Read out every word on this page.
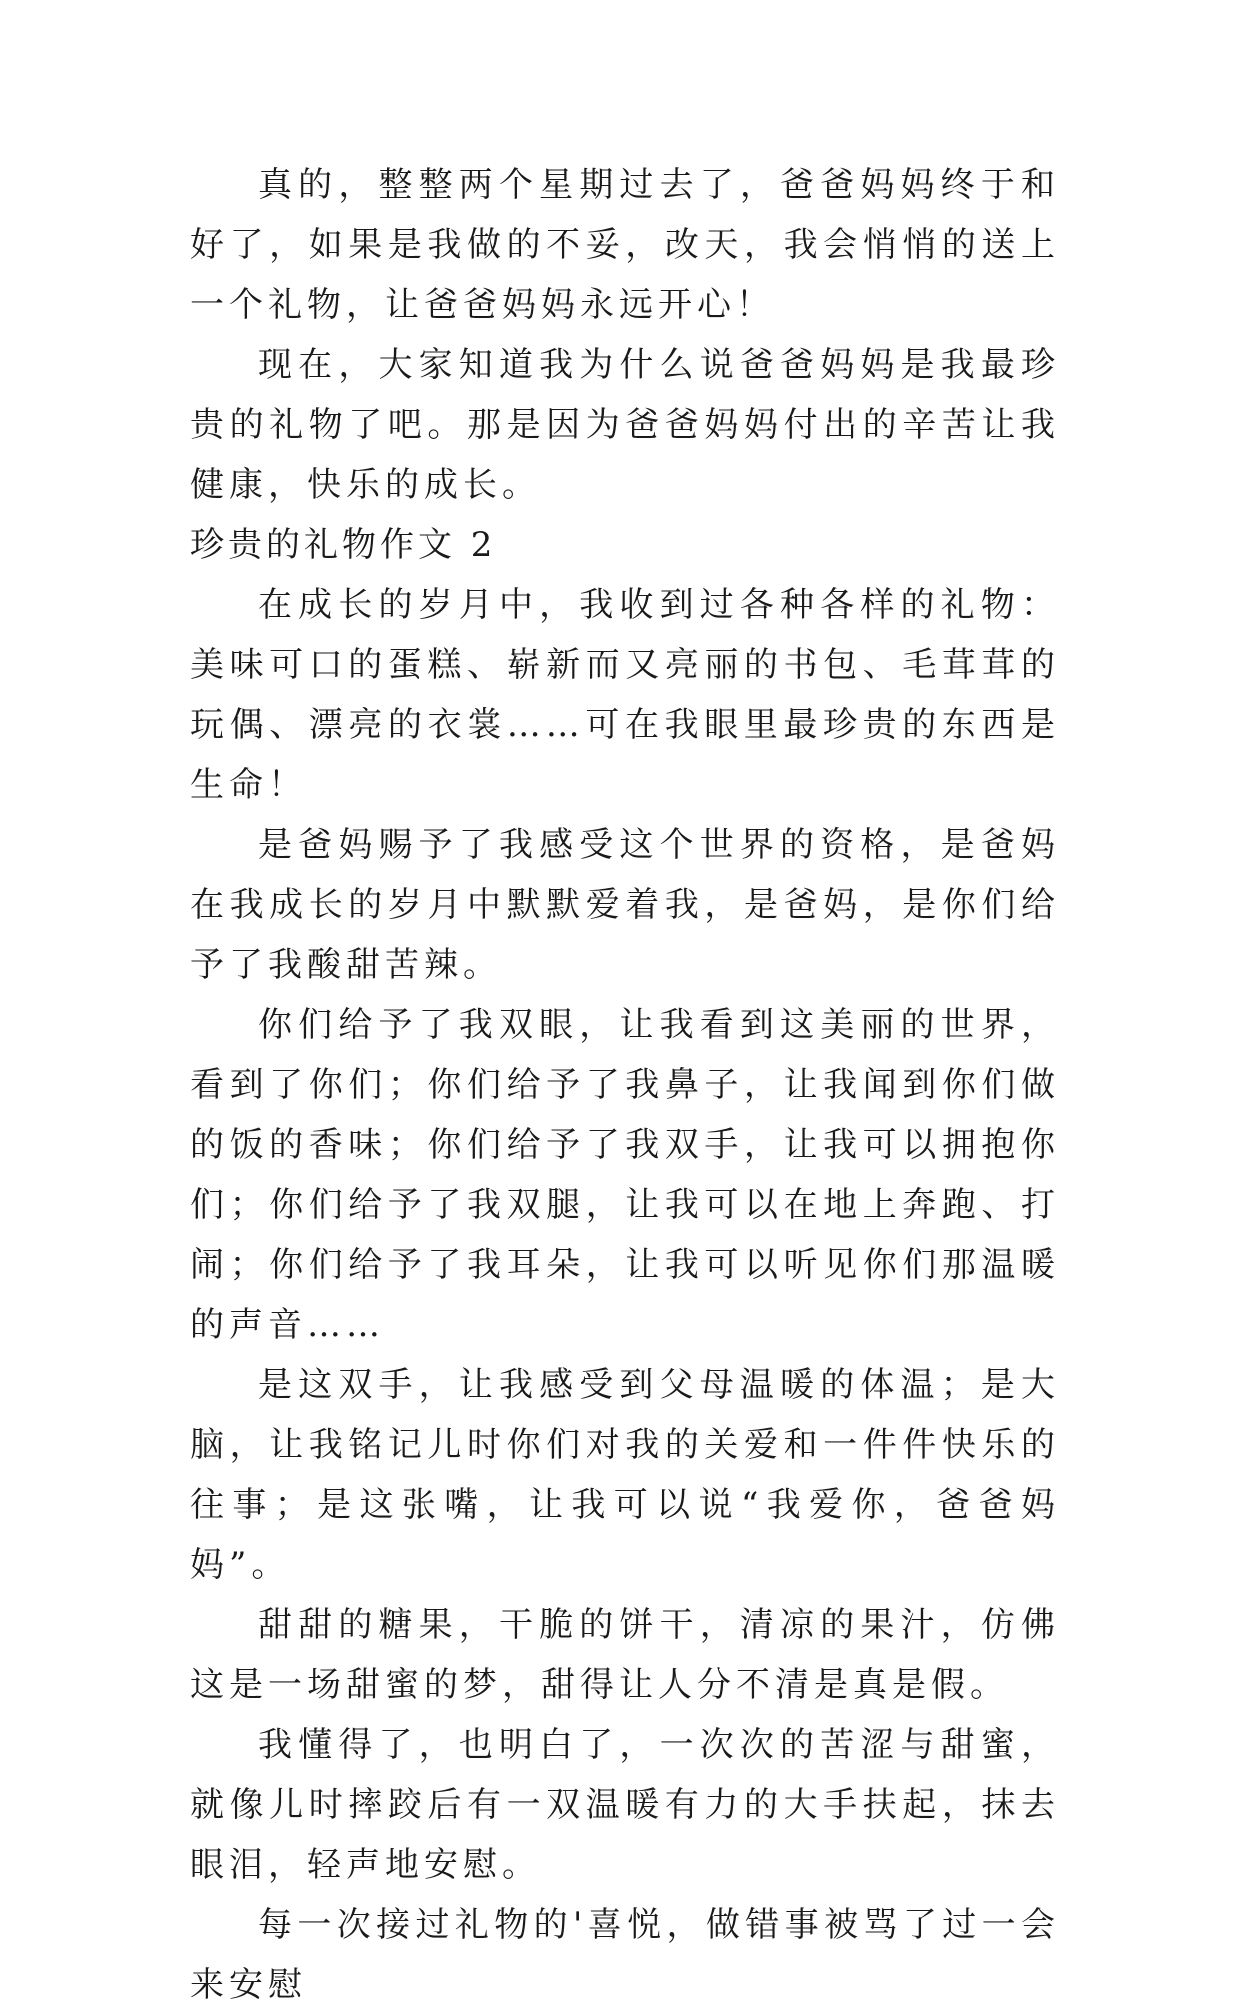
真的，整整两个星期过去了，爸爸妈妈终于和好了，如果是我做的不妥，改天，我会悄悄的送上一个礼物，让爸爸妈妈永远开心！

现在，大家知道我为什么说爸爸妈妈是我最珍贵的礼物了吧。那是因为爸爸妈妈付出的辛苦让我健康，快乐的成长。

珍贵的礼物作文 2

在成长的岁月中，我收到过各种各样的礼物：美味可口的蛋糕、崭新而又亮丽的书包、毛茸茸的玩偶、漂亮的衣裳……可在我眼里最珍贵的东西是生命！

是爸妈赐予了我感受这个世界的资格，是爸妈在我成长的岁月中默默爱着我，是爸妈，是你们给予了我酸甜苦辣。

你们给予了我双眼，让我看到这美丽的世界，看到了你们；你们给予了我鼻子，让我闻到你们做的饭的香味；你们给予了我双手，让我可以拥抱你们；你们给予了我双腿，让我可以在地上奔跑、打闹；你们给予了我耳朵，让我可以听见你们那温暖的声音……

是这双手，让我感受到父母温暖的体温；是大脑，让我铭记儿时你们对我的关爱和一件件快乐的往事；是这张嘴，让我可以说“我爱你，爸爸妈妈”。

甜甜的糖果，干脆的饼干，清凉的果汁，仿佛这是一场甜蜜的梦，甜得让人分不清是真是假。

我懂得了，也明白了，一次次的苦涩与甜蜜，就像儿时摔跤后有一双温暖有力的大手扶起，抹去眼泪，轻声地安慰。

每一次接过礼物的'喜悦，做错事被骂了过一会来安慰
